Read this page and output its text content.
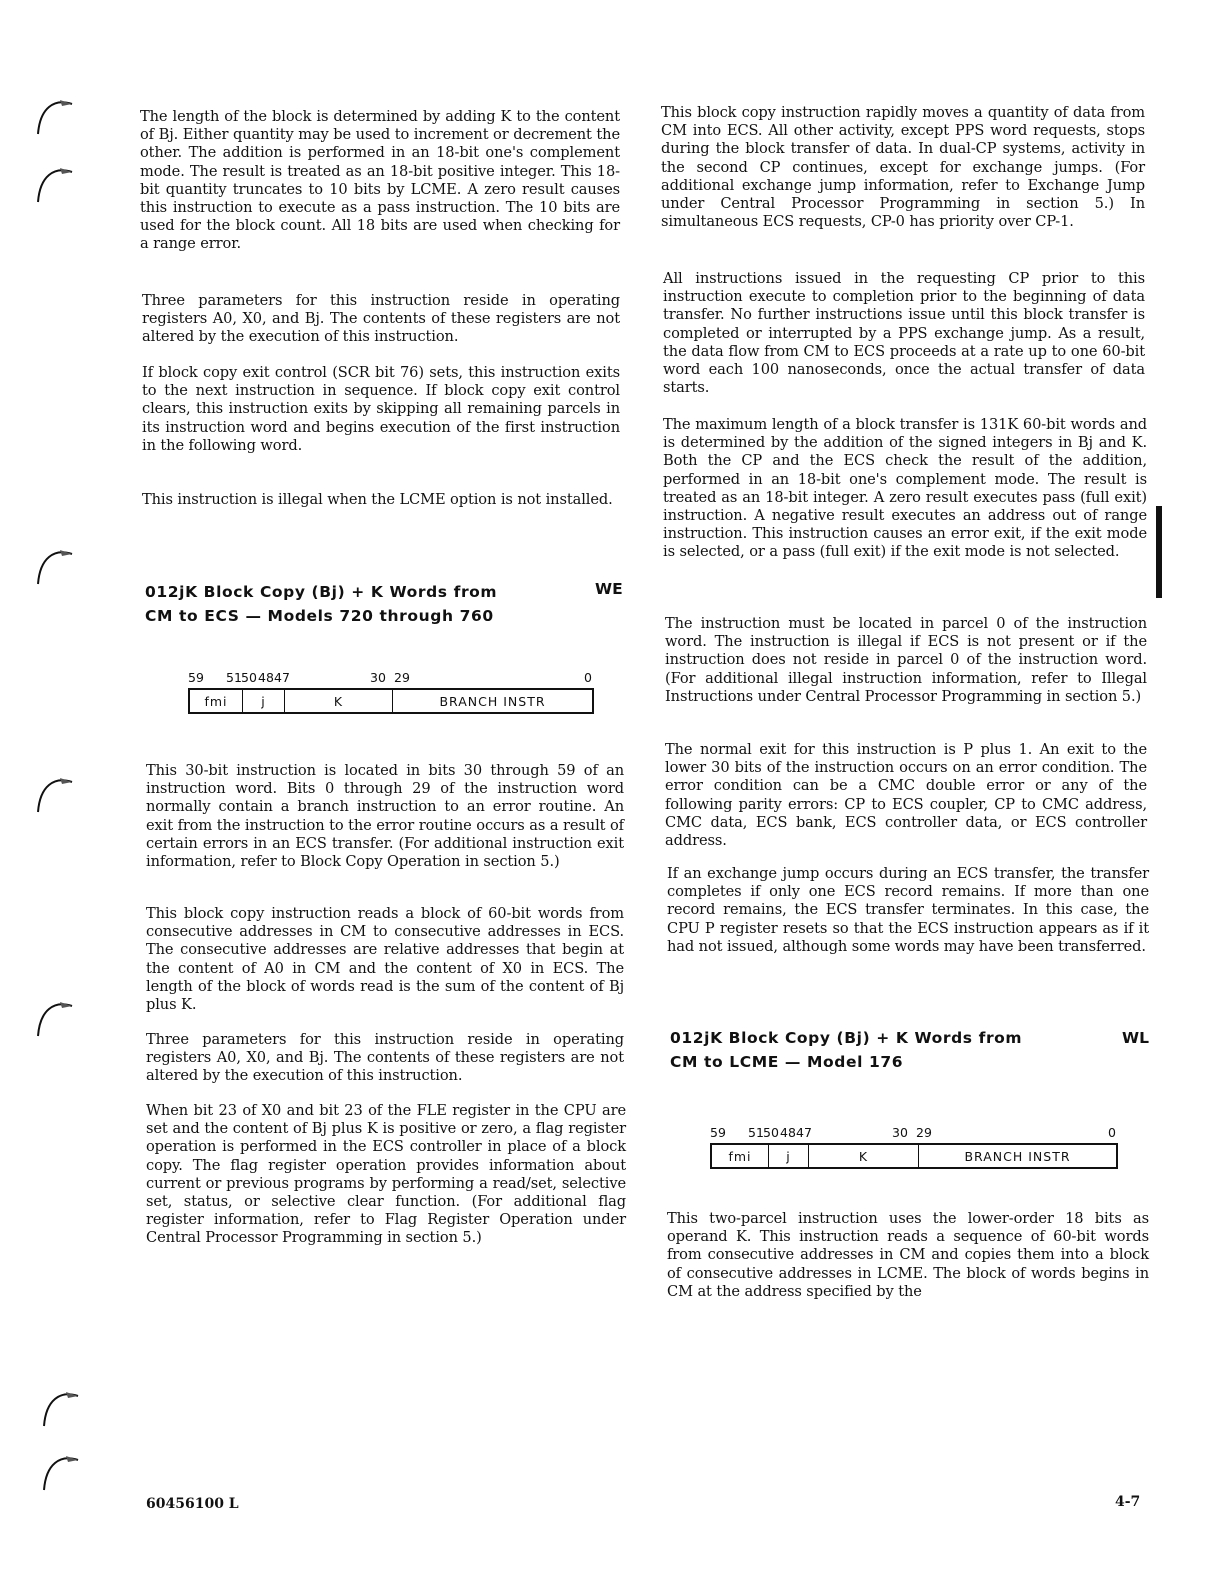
The length of the block is determined by adding K to the content of Bj. Either quantity may be used to increment or decrement the other. The addition is performed in an 18-bit one's complement mode. The result is treated as an 18-bit positive integer. This 18-bit quantity truncates to 10 bits by LCME. A zero result causes this instruction to execute as a pass instruction. The 10 bits are used for the block count. All 18 bits are used when checking for a range error.

Three parameters for this instruction reside in operating registers A0, X0, and Bj. The contents of these registers are not altered by the execution of this instruction.

If block copy exit control (SCR bit 76) sets, this instruction exits to the next instruction in sequence. If block copy exit control clears, this instruction exits by skipping all remaining parcels in its instruction word and begins execution of the first instruction in the following word.

This instruction is illegal when the LCME option is not installed.

012jK Block Copy (Bj) + K Words from
CM to ECS — Models 720 through 760
WE
59 51 50 48 47	30 29	0
fmi	j	K	BRANCH INSTR

This 30-bit instruction is located in bits 30 through 59 of an instruction word. Bits 0 through 29 of the instruction word normally contain a branch instruction to an error routine. An exit from the instruction to the error routine occurs as a result of certain errors in an ECS transfer. (For additional instruction exit information, refer to Block Copy Operation in section 5.)

This block copy instruction reads a block of 60-bit words from consecutive addresses in CM to consecutive addresses in ECS. The consecutive addresses are relative addresses that begin at the content of A0 in CM and the content of X0 in ECS. The length of the block of words read is the sum of the content of Bj plus K.

Three parameters for this instruction reside in operating registers A0, X0, and Bj. The contents of these registers are not altered by the execution of this instruction.

When bit 23 of X0 and bit 23 of the FLE register in the CPU are set and the content of Bj plus K is positive or zero, a flag register operation is performed in the ECS controller in place of a block copy. The flag register operation provides information about current or previous programs by performing a read/set, selective set, status, or selective clear function. (For additional flag register information, refer to Flag Register Operation under Central Processor Programming in section 5.)

This block copy instruction rapidly moves a quantity of data from CM into ECS. All other activity, except PPS word requests, stops during the block transfer of data. In dual-CP systems, activity in the second CP continues, except for exchange jumps. (For additional exchange jump information, refer to Exchange Jump under Central Processor Programming in section 5.) In simultaneous ECS requests, CP-0 has priority over CP-1.

All instructions issued in the requesting CP prior to this instruction execute to completion prior to the beginning of data transfer. No further instructions issue until this block transfer is completed or interrupted by a PPS exchange jump. As a result, the data flow from CM to ECS proceeds at a rate up to one 60-bit word each 100 nanoseconds, once the actual transfer of data starts.

The maximum length of a block transfer is 131K 60-bit words and is determined by the addition of the signed integers in Bj and K. Both the CP and the ECS check the result of the addition, performed in an 18-bit one's complement mode. The result is treated as an 18-bit integer. A zero result executes pass (full exit) instruction. A negative result executes an address out of range instruction. This instruction causes an error exit, if the exit mode is selected, or a pass (full exit) if the exit mode is not selected.

The instruction must be located in parcel 0 of the instruction word. The instruction is illegal if ECS is not present or if the instruction does not reside in parcel 0 of the instruction word. (For additional illegal instruction information, refer to Illegal Instructions under Central Processor Programming in section 5.)

The normal exit for this instruction is P plus 1. An exit to the lower 30 bits of the instruction occurs on an error condition. The error condition can be a CMC double error or any of the following parity errors: CP to ECS coupler, CP to CMC address, CMC data, ECS bank, ECS controller data, or ECS controller address.

If an exchange jump occurs during an ECS transfer, the transfer completes if only one ECS record remains. If more than one record remains, the ECS transfer terminates. In this case, the CPU P register resets so that the ECS instruction appears as if it had not issued, although some words may have been transferred.

012jK Block Copy (Bj) + K Words from
CM to LCME — Model 176
WL
59 51 50 48 47	30 29	0
fmi	j	K	BRANCH INSTR

This two-parcel instruction uses the lower-order 18 bits as operand K. This instruction reads a sequence of 60-bit words from consecutive addresses in CM and copies them into a block of consecutive addresses in LCME. The block of words begins in CM at the address specified by the

60456100 L	4-7
